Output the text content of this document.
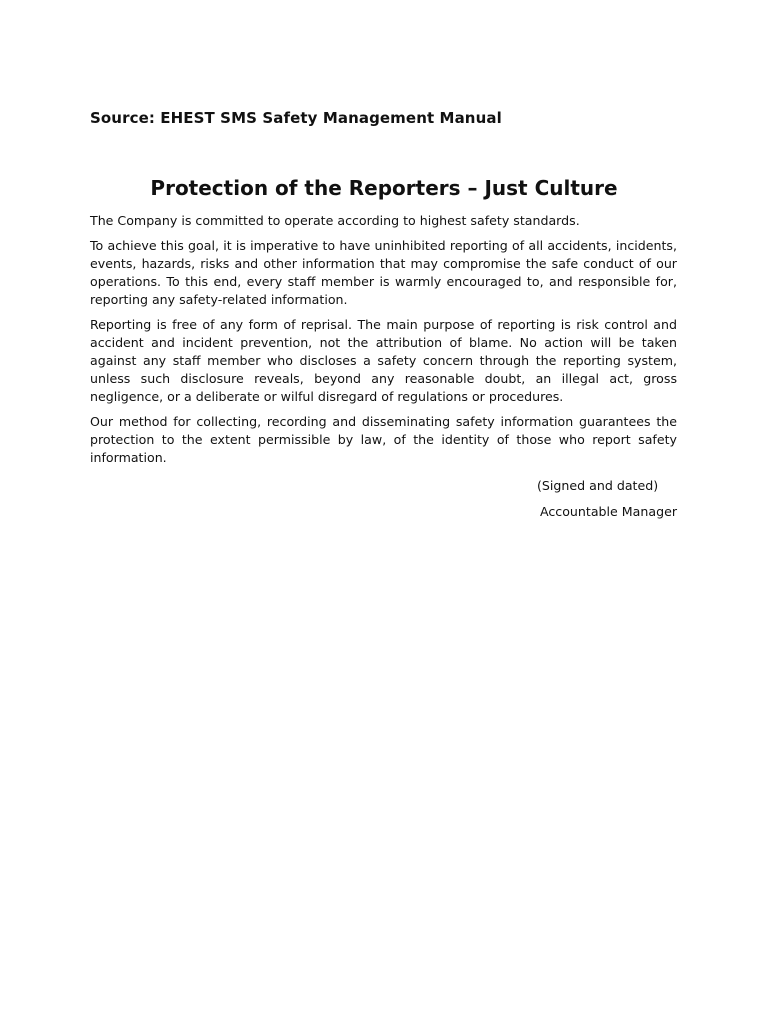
Source: EHEST SMS Safety Management Manual
Protection of the Reporters – Just Culture

The Company is committed to operate according to highest safety standards.

To achieve this goal, it is imperative to have uninhibited reporting of all accidents, incidents, events, hazards, risks and other information that may compromise the safe conduct of our operations. To this end, every staff member is warmly encouraged to, and responsible for, reporting any safety-related information.

Reporting is free of any form of reprisal. The main purpose of reporting is risk control and accident and incident prevention, not the attribution of blame. No action will be taken against any staff member who discloses a safety concern through the reporting system, unless such disclosure reveals, beyond any reasonable doubt, an illegal act, gross negligence, or a deliberate or wilful disregard of regulations or procedures.

Our method for collecting, recording and disseminating safety information guarantees the protection to the extent permissible by law, of the identity of those who report safety information.

(Signed and dated)
Accountable Manager
